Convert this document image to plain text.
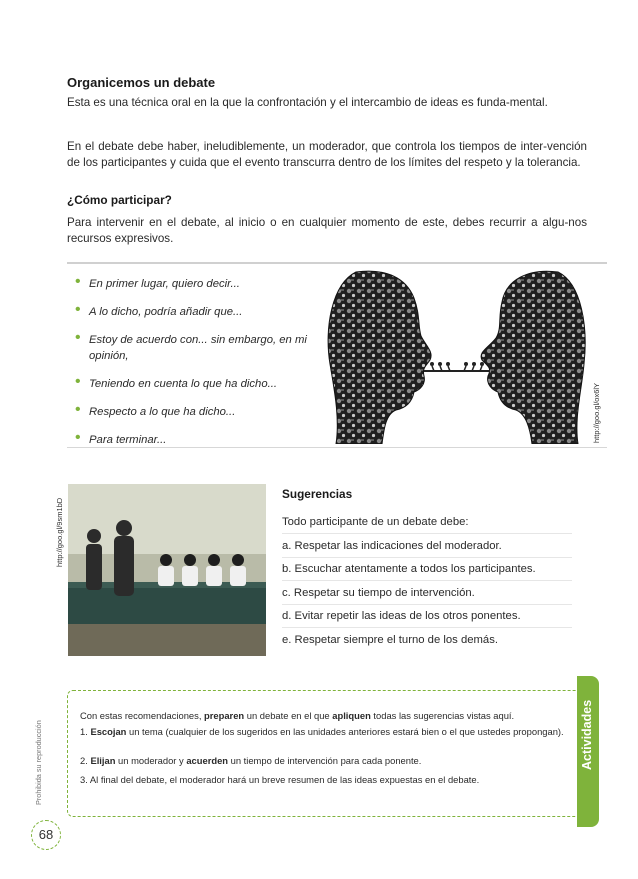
Organicemos un debate
Esta es una técnica oral en la que la confrontación y el intercambio de ideas es funda-mental.
En el debate debe haber, ineludiblemente, un moderador, que controla los tiempos de inter-vención de los participantes y cuida que el evento transcurra dentro de los límites del respeto y la tolerancia.
¿Cómo participar?
Para intervenir en el debate, al inicio o en cualquier momento de este, debes recurrir a algu-nos recursos expresivos.
• En primer lugar, quiero decir...
• A lo dicho, podría añadir que...
• Estoy de acuerdo con... sin embargo, en mi opinión,
• Teniendo en cuenta lo que ha dicho...
• Respecto a lo que ha dicho...
• Para terminar...	http://goo.gl/ox6lY
http://goo.gl/9sm1bD
Sugerencias
Todo participante de un debate debe:
a. Respetar las indicaciones del moderador.
b. Escuchar atentamente a todos los participantes.
c. Respetar su tiempo de intervención.
d. Evitar repetir las ideas de los otros ponentes.
e. Respetar siempre el turno de los demás.
Actividades
Con estas recomendaciones, preparen un debate en el que apliquen todas las sugerencias vistas aquí.
1. Escojan un tema (cualquier de los sugeridos en las unidades anteriores estará bien o el que ustedes propongan).
2. Elijan un moderador y acuerden un tiempo de intervención para cada ponente.
3. Al final del debate, el moderador hará un breve resumen de las ideas expuestas en el debate.
Prohibida su reproducción
68
